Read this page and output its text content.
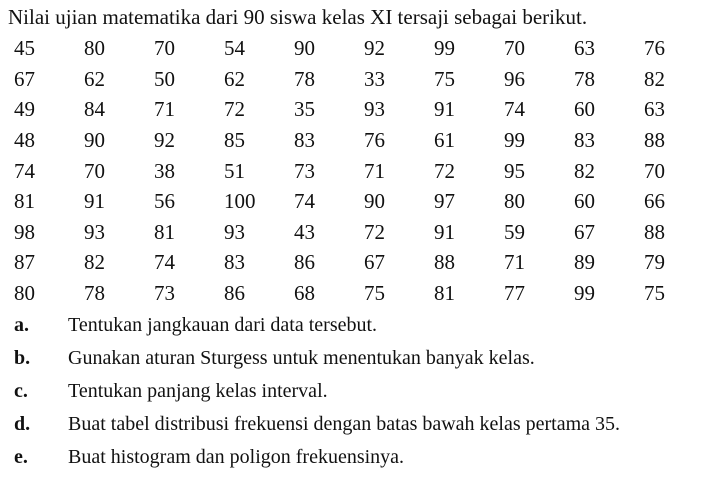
Nilai ujian matematika dari 90 siswa kelas XI tersaji sebagai berikut.
45	80	70	54	90	92	99	70	63	76
67	62	50	62	78	33	75	96	78	82
49	84	71	72	35	93	91	74	60	63
48	90	92	85	83	76	61	99	83	88
74	70	38	51	73	71	72	95	82	70
81	91	56	100	74	90	97	80	60	66
98	93	81	93	43	72	91	59	67	88
87	82	74	83	86	67	88	71	89	79
80	78	73	86	68	75	81	77	99	75
a.	Tentukan jangkauan dari data tersebut.
b.	Gunakan aturan Sturgess untuk menentukan banyak kelas.
c.	Tentukan panjang kelas interval.
d.	Buat tabel distribusi frekuensi dengan batas bawah kelas pertama 35.
e.	Buat histogram dan poligon frekuensinya.
